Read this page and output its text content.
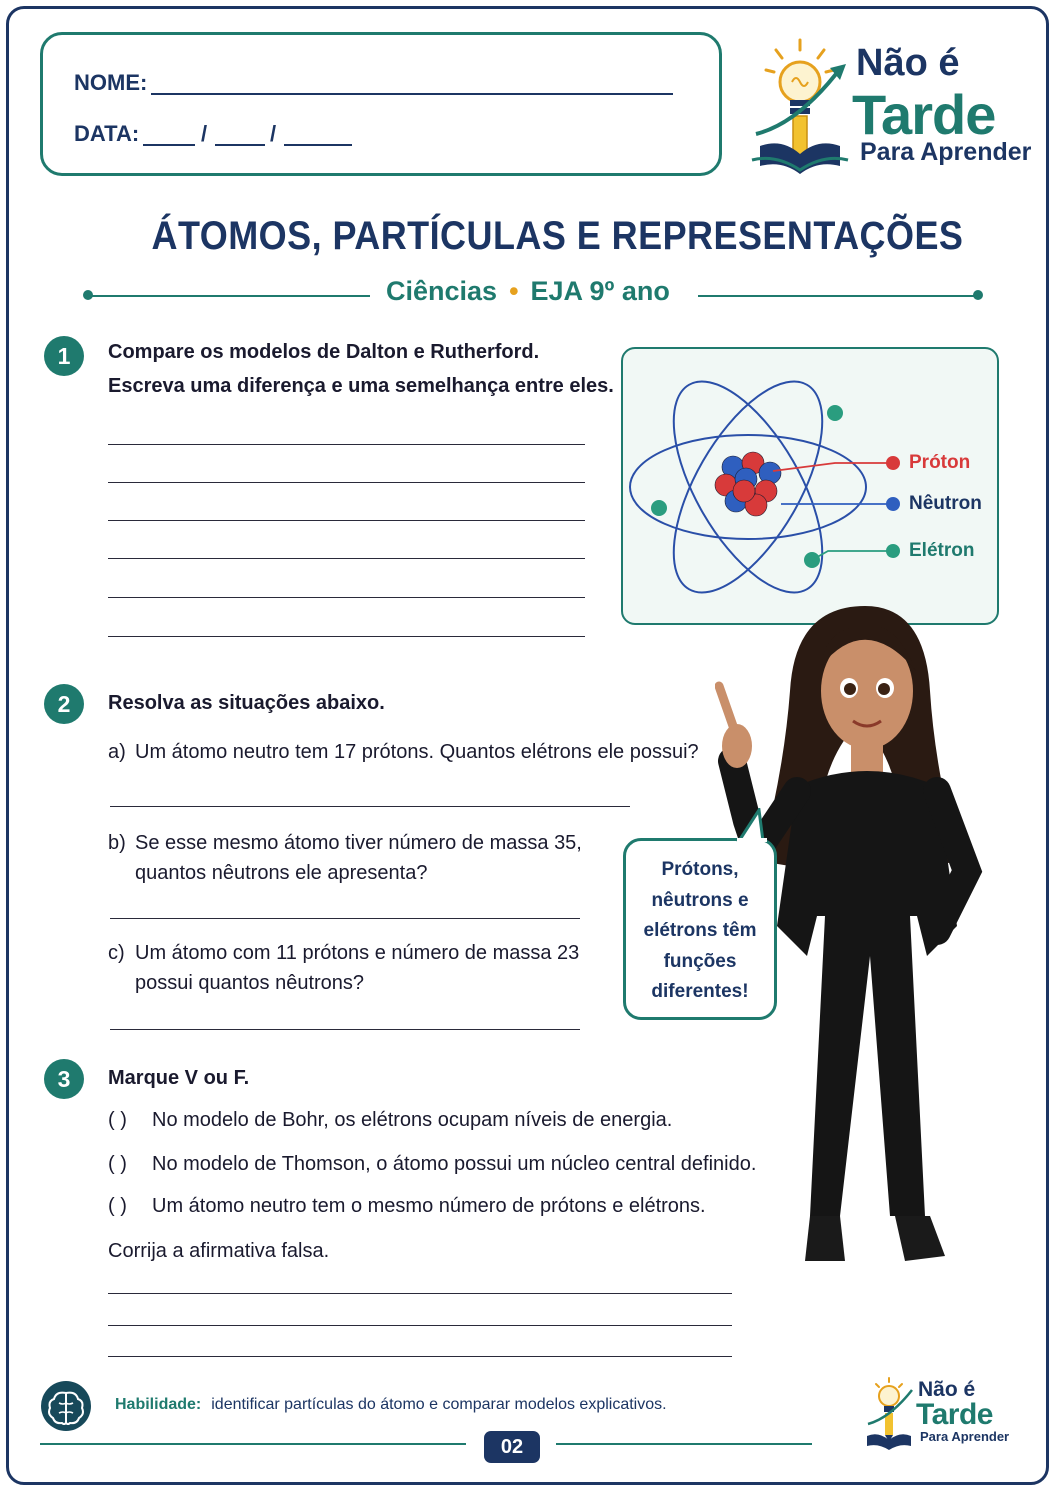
NOME:
DATA:	/	/
Não é
Tarde
Para Aprender
ÁTOMOS, PARTÍCULAS E REPRESENTAÇÕES
Ciências • EJA 9º ano
1	Compare os modelos de Dalton e Rutherford.
Escreva uma diferença e uma semelhança entre eles.
Próton
Nêutron
Elétron
Prótons,
nêutrons e
elétrons têm
funções
diferentes!
2	Resolva as situações abaixo.
a) Um átomo neutro tem 17 prótons. Quantos elétrons ele possui?
b) Se esse mesmo átomo tiver número de massa 35,
quantos nêutrons ele apresenta?
c) Um átomo com 11 prótons e número de massa 23
possui quantos nêutrons?
3	Marque V ou F.
( ) No modelo de Bohr, os elétrons ocupam níveis de energia.
( ) No modelo de Thomson, o átomo possui um núcleo central definido.
( ) Um átomo neutro tem o mesmo número de prótons e elétrons.
Corrija a afirmativa falsa.
Habilidade: identificar partículas do átomo e comparar modelos explicativos.
02
Não é
Tarde
Para Aprender
